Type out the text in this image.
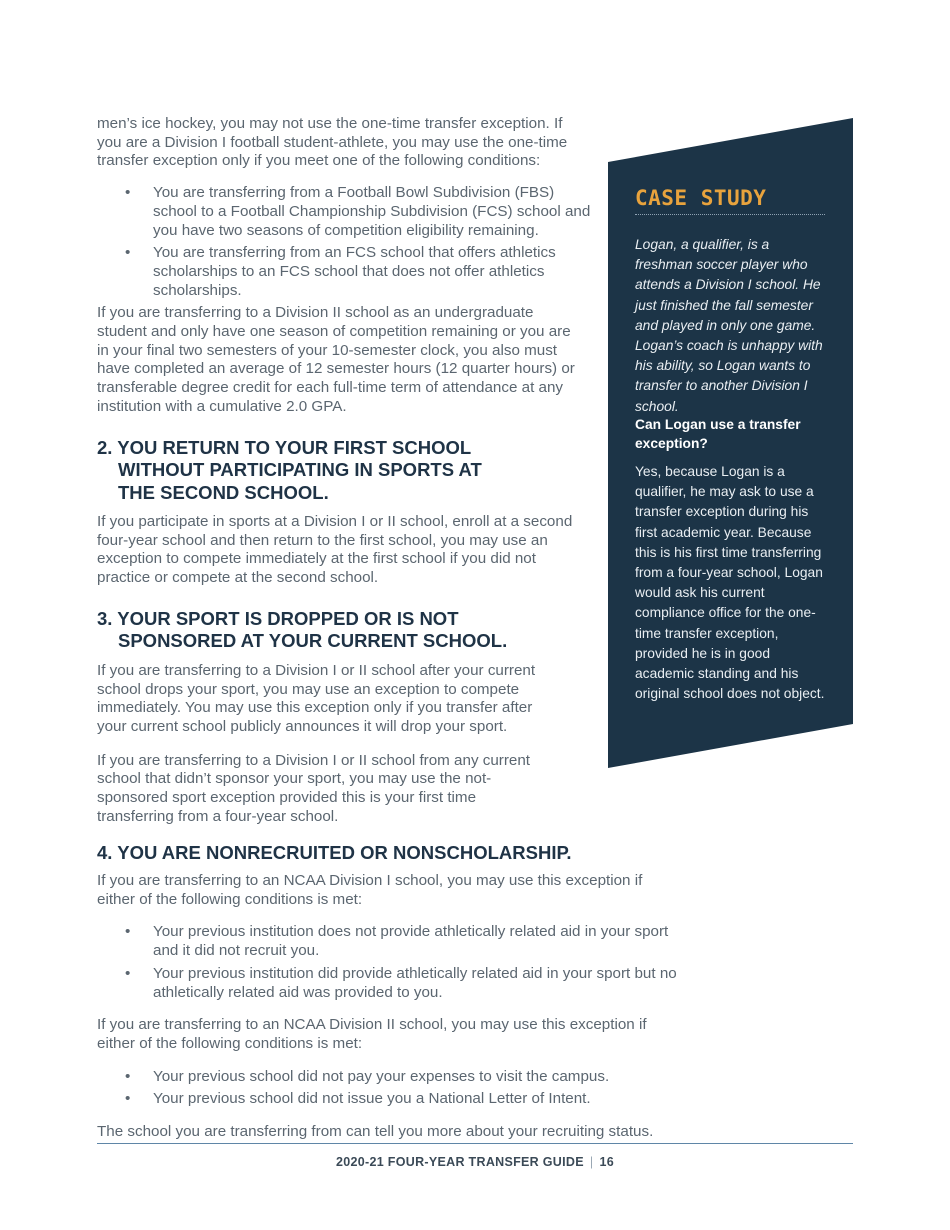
men’s ice hockey, you may not use the one-time transfer exception. If you are a Division I football student-athlete, you may use the one-time transfer exception only if you meet one of the following conditions:

• You are transferring from a Football Bowl Subdivision (FBS) school to a Football Championship Subdivision (FCS) school and you have two seasons of competition eligibility remaining.
• You are transferring from an FCS school that offers athletics scholarships to an FCS school that does not offer athletics scholarships.

If you are transferring to a Division II school as an undergraduate student and only have one season of competition remaining or you are in your final two semesters of your 10-semester clock, you also must have completed an average of 12 semester hours (12 quarter hours) or transferable degree credit for each full-time term of attendance at any institution with a cumulative 2.0 GPA.

2. YOU RETURN TO YOUR FIRST SCHOOL WITHOUT PARTICIPATING IN SPORTS AT THE SECOND SCHOOL.

If you participate in sports at a Division I or II school, enroll at a second four-year school and then return to the first school, you may use an exception to compete immediately at the first school if you did not practice or compete at the second school.

3. YOUR SPORT IS DROPPED OR IS NOT SPONSORED AT YOUR CURRENT SCHOOL.

If you are transferring to a Division I or II school after your current school drops your sport, you may use an exception to compete immediately. You may use this exception only if you transfer after your current school publicly announces it will drop your sport.

If you are transferring to a Division I or II school from any current school that didn’t sponsor your sport, you may use the not-sponsored sport exception provided this is your first time transferring from a four-year school.

4. YOU ARE NONRECRUITED OR NONSCHOLARSHIP.

If you are transferring to an NCAA Division I school, you may use this exception if either of the following conditions is met:

• Your previous institution does not provide athletically related aid in your sport and it did not recruit you.
• Your previous institution did provide athletically related aid in your sport but no athletically related aid was provided to you.

If you are transferring to an NCAA Division II school, you may use this exception if either of the following conditions is met:

• Your previous school did not pay your expenses to visit the campus.
• Your previous school did not issue you a National Letter of Intent.

The school you are transferring from can tell you more about your recruiting status.

CASE STUDY
Logan, a qualifier, is a freshman soccer player who attends a Division I school. He just finished the fall semester and played in only one game. Logan’s coach is unhappy with his ability, so Logan wants to transfer to another Division I school.
Can Logan use a transfer exception?
Yes, because Logan is a qualifier, he may ask to use a transfer exception during his first academic year. Because this is his first time transferring from a four-year school, Logan would ask his current compliance office for the one-time transfer exception, provided he is in good academic standing and his original school does not object.
2020-21 FOUR-YEAR TRANSFER GUIDE | 16
